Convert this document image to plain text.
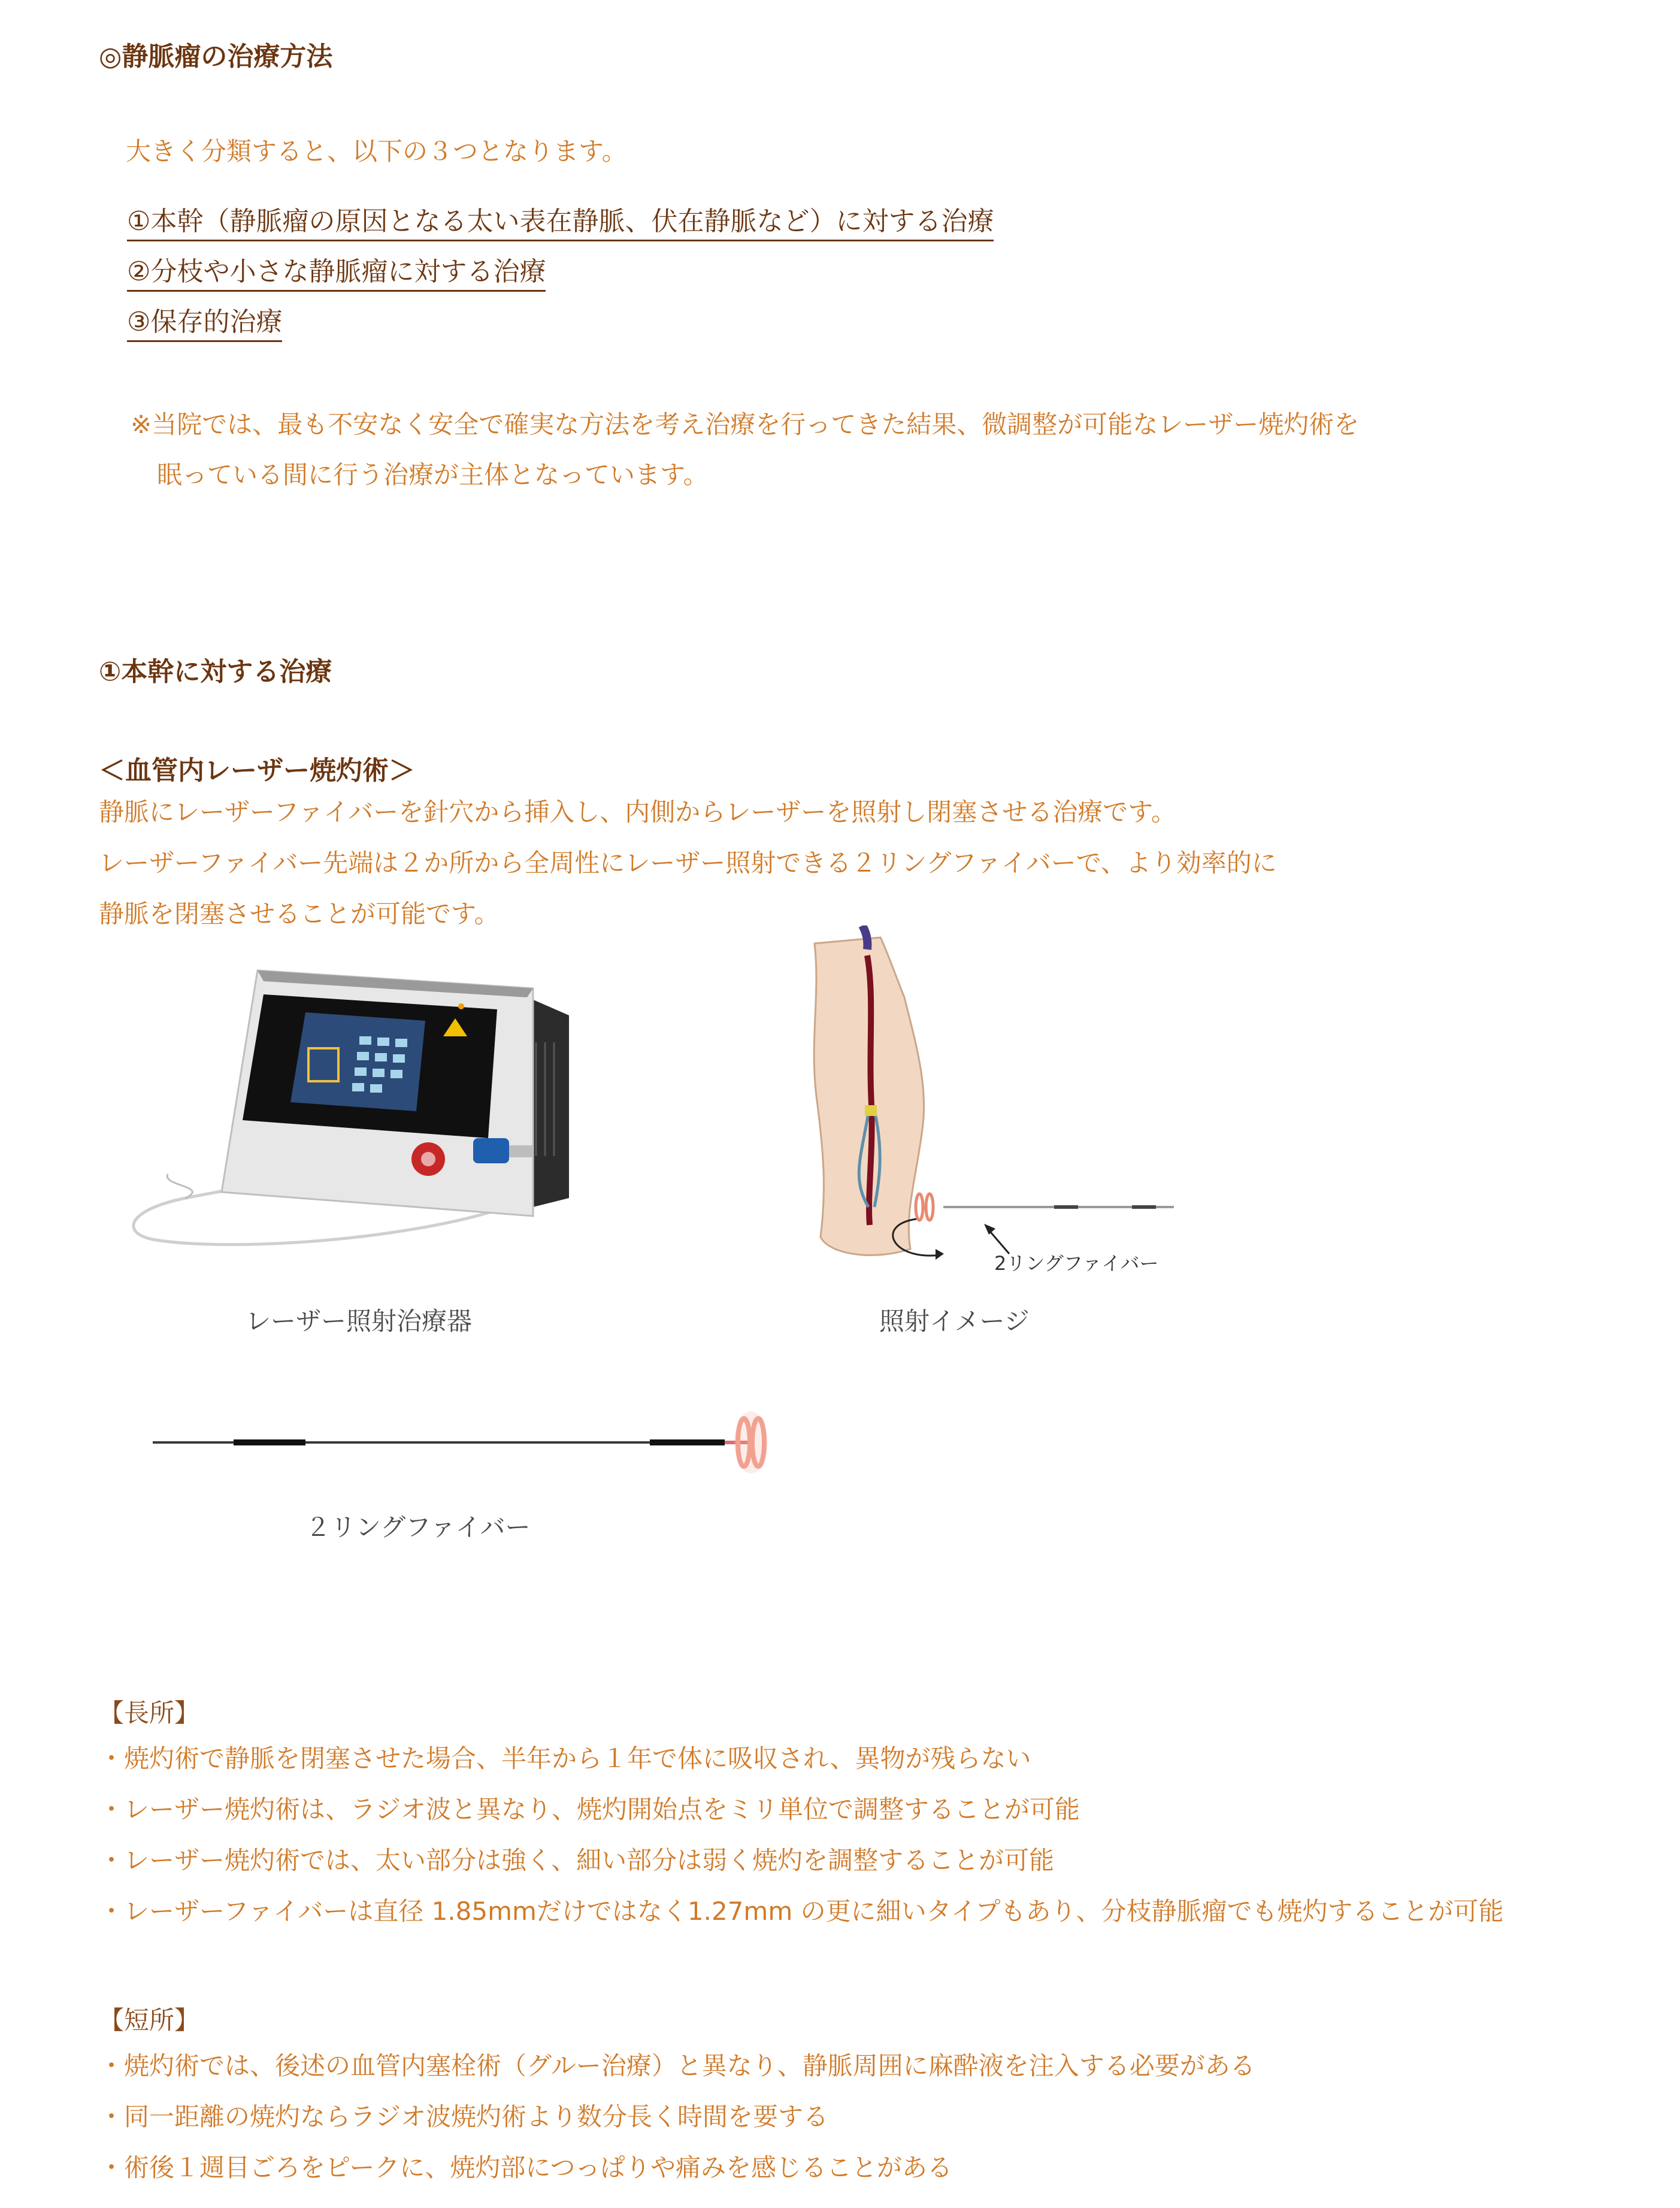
◎静脈瘤の治療方法
大きく分類すると、以下の３つとなります。
①本幹（静脈瘤の原因となる太い表在静脈、伏在静脈など）に対する治療
②分枝や小さな静脈瘤に対する治療
③保存的治療
※当院では、最も不安なく安全で確実な方法を考え治療を行ってきた結果、微調整が可能なレーザー焼灼術を
眠っている間に行う治療が主体となっています。
①本幹に対する治療
＜血管内レーザー焼灼術＞
静脈にレーザーファイバーを針穴から挿入し、内側からレーザーを照射し閉塞させる治療です。
レーザーファイバー先端は２か所から全周性にレーザー照射できる２リングファイバーで、より効率的に
静脈を閉塞させることが可能です。
レーザー照射治療器
2リングファイバー
照射イメージ
２リングファイバー
【長所】
・焼灼術で静脈を閉塞させた場合、半年から１年で体に吸収され、異物が残らない
・レーザー焼灼術は、ラジオ波と異なり、焼灼開始点をミリ単位で調整することが可能
・レーザー焼灼術では、太い部分は強く、細い部分は弱く焼灼を調整することが可能
・レーザーファイバーは直径 1.85mmだけではなく1.27mm の更に細いタイプもあり、分枝静脈瘤でも焼灼することが可能
【短所】
・焼灼術では、後述の血管内塞栓術（グルー治療）と異なり、静脈周囲に麻酔液を注入する必要がある
・同一距離の焼灼ならラジオ波焼灼術より数分長く時間を要する
・術後１週目ごろをピークに、焼灼部につっぱりや痛みを感じることがある
